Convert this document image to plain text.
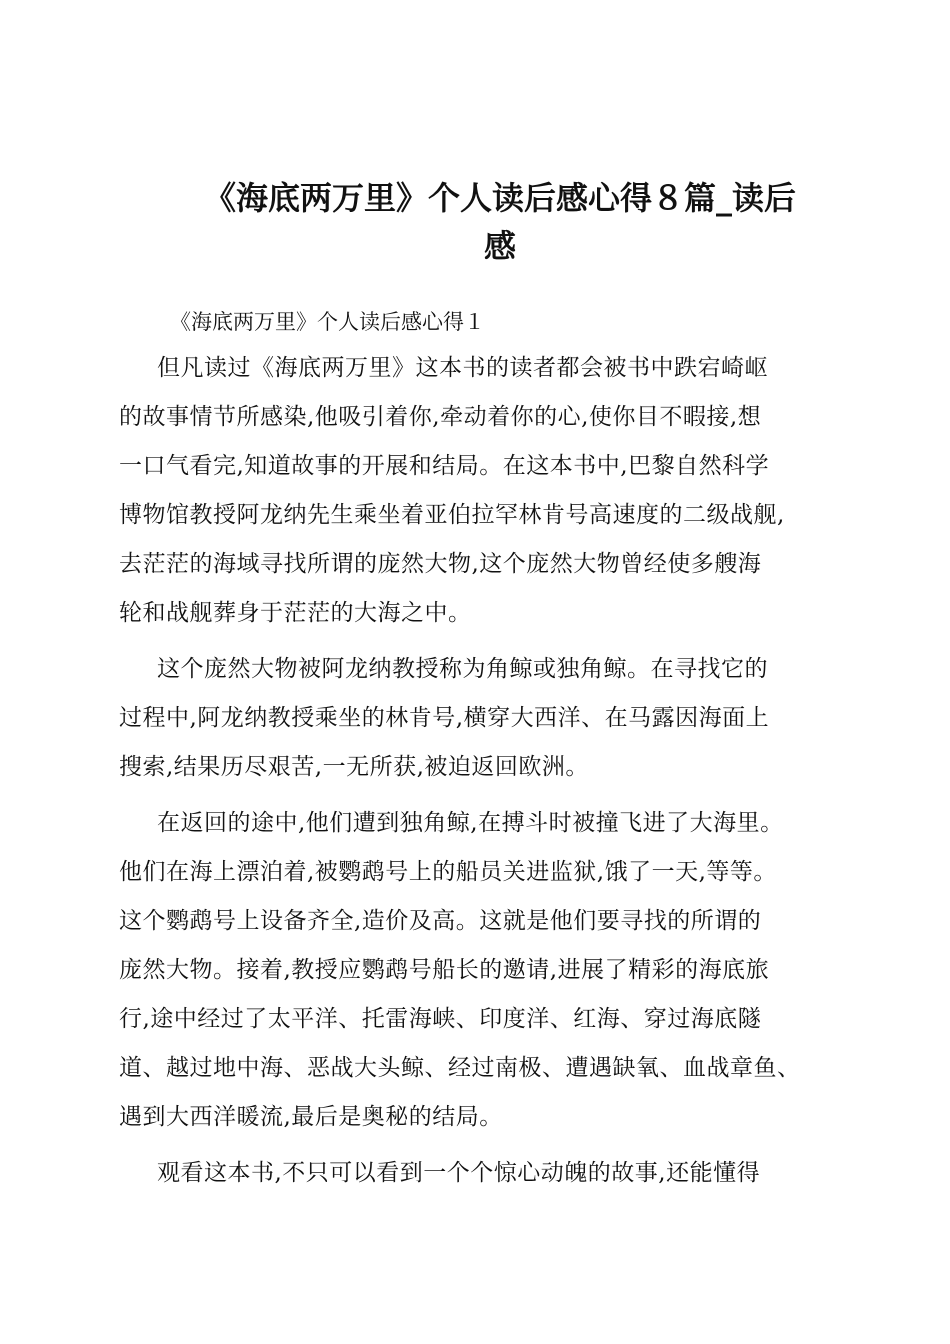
《海底两万里》个人读后感心得８篇_读后
感
《海底两万里》个人读后感心得１
但凡读过《海底两万里》这本书的读者都会被书中跌宕崎岖
的故事情节所感染,他吸引着你,牵动着你的心,使你目不暇接,想
一口气看完,知道故事的开展和结局。在这本书中,巴黎自然科学
博物馆教授阿龙纳先生乘坐着亚伯拉罕林肯号高速度的二级战舰,
去茫茫的海域寻找所谓的庞然大物,这个庞然大物曾经使多艘海
轮和战舰葬身于茫茫的大海之中。
这个庞然大物被阿龙纳教授称为角鲸或独角鲸。在寻找它的
过程中,阿龙纳教授乘坐的林肯号,横穿大西洋、在马露因海面上
搜索,结果历尽艰苦,一无所获,被迫返回欧洲。
在返回的途中,他们遭到独角鲸,在搏斗时被撞飞进了大海里。
他们在海上漂泊着,被鹦鹉号上的船员关进监狱,饿了一天,等等。
这个鹦鹉号上设备齐全,造价及高。这就是他们要寻找的所谓的
庞然大物。接着,教授应鹦鹉号船长的邀请,进展了精彩的海底旅
行,途中经过了太平洋、托雷海峡、印度洋、红海、穿过海底隧
道、越过地中海、恶战大头鲸、经过南极、遭遇缺氧、血战章鱼、
遇到大西洋暖流,最后是奥秘的结局。
观看这本书,不只可以看到一个个惊心动魄的故事,还能懂得
